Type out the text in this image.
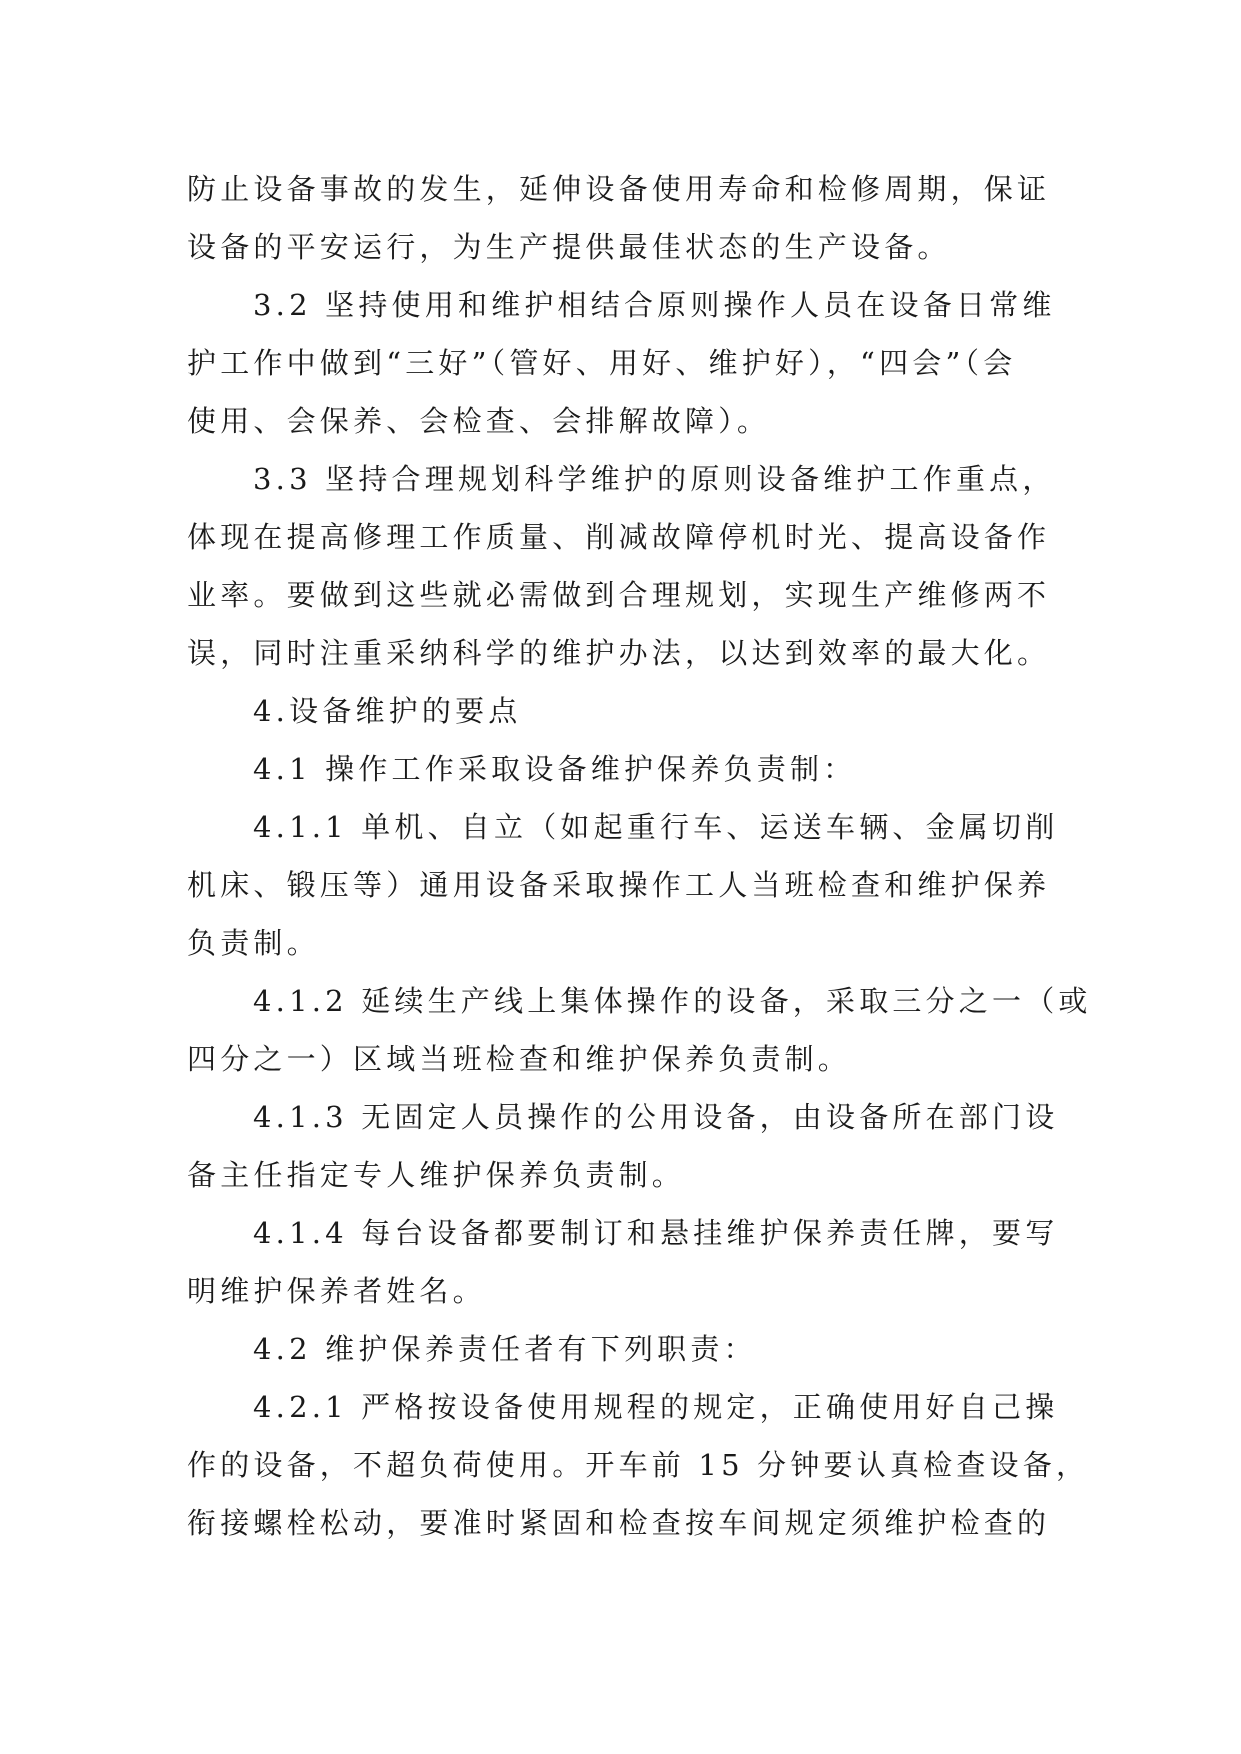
防止设备事故的发生，延伸设备使用寿命和检修周期，保证
设备的平安运行，为生产提供最佳状态的生产设备。
3.2 坚持使用和维护相结合原则操作人员在设备日常维
护工作中做到“三好”（管好、用好、维护好），“四会”（会
使用、会保养、会检查、会排解故障）。
3.3 坚持合理规划科学维护的原则设备维护工作重点，
体现在提高修理工作质量、削减故障停机时光、提高设备作
业率。要做到这些就必需做到合理规划，实现生产维修两不
误，同时注重采纳科学的维护办法，以达到效率的最大化。
4.设备维护的要点
4.1 操作工作采取设备维护保养负责制：
4.1.1 单机、自立（如起重行车、运送车辆、金属切削
机床、锻压等）通用设备采取操作工人当班检查和维护保养
负责制。
4.1.2 延续生产线上集体操作的设备，采取三分之一（或
四分之一）区域当班检查和维护保养负责制。
4.1.3 无固定人员操作的公用设备，由设备所在部门设
备主任指定专人维护保养负责制。
4.1.4 每台设备都要制订和悬挂维护保养责任牌，要写
明维护保养者姓名。
4.2 维护保养责任者有下列职责：
4.2.1 严格按设备使用规程的规定，正确使用好自己操
作的设备，不超负荷使用。开车前 15 分钟要认真检查设备，
衔接螺栓松动，要准时紧固和检查按车间规定须维护检查的
